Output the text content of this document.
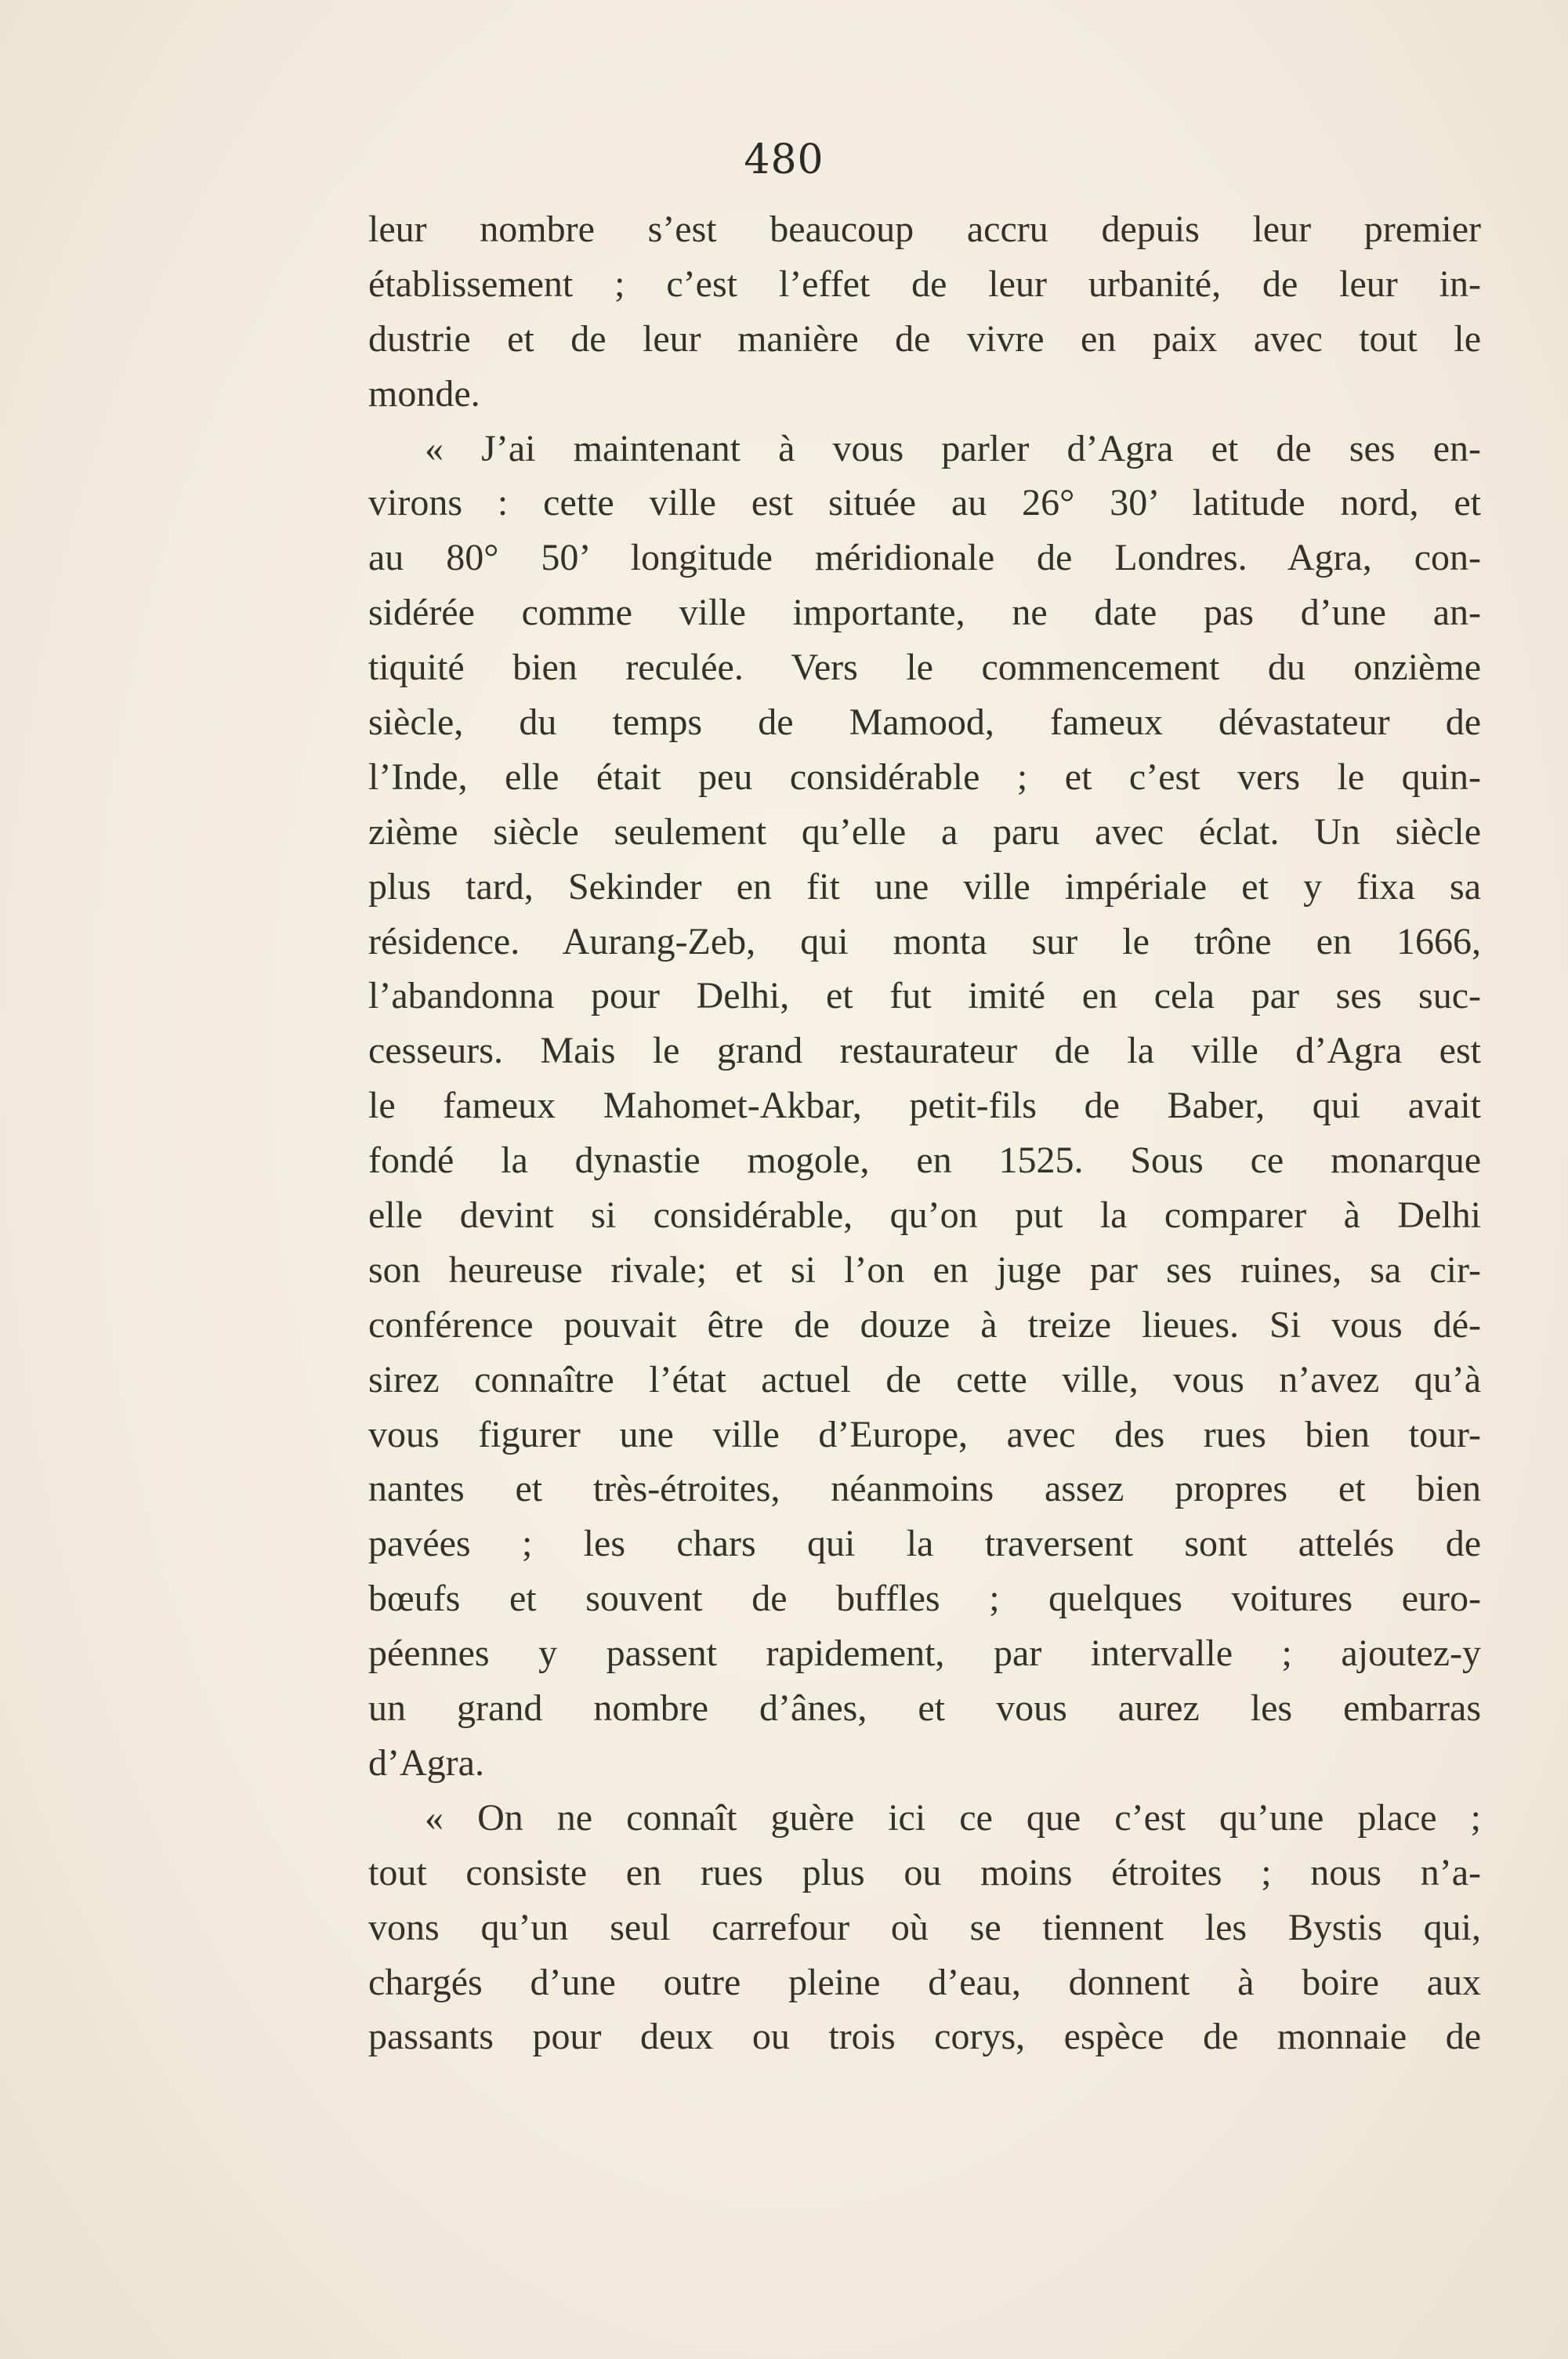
480
leur nombre s’est beaucoup accru depuis leur premier
établissement ; c’est l’effet de leur urbanité, de leur in-
dustrie et de leur manière de vivre en paix avec tout le
monde.
« J’ai maintenant à vous parler d’Agra et de ses en-
virons : cette ville est située au 26° 30’ latitude nord, et
au 80° 50’ longitude méridionale de Londres. Agra, con-
sidérée comme ville importante, ne date pas d’une an-
tiquité bien reculée. Vers le commencement du onzième
siècle, du temps de Mamood, fameux dévastateur de
l’Inde, elle était peu considérable ; et c’est vers le quin-
zième siècle seulement qu’elle a paru avec éclat. Un siècle
plus tard, Sekinder en fit une ville impériale et y fixa sa
résidence. Aurang-Zeb, qui monta sur le trône en 1666,
l’abandonna pour Delhi, et fut imité en cela par ses suc-
cesseurs. Mais le grand restaurateur de la ville d’Agra est
le fameux Mahomet-Akbar, petit-fils de Baber, qui avait
fondé la dynastie mogole, en 1525. Sous ce monarque
elle devint si considérable, qu’on put la comparer à Delhi
son heureuse rivale; et si l’on en juge par ses ruines, sa cir-
conférence pouvait être de douze à treize lieues. Si vous dé-
sirez connaître l’état actuel de cette ville, vous n’avez qu’à
vous figurer une ville d’Europe, avec des rues bien tour-
nantes et très-étroites, néanmoins assez propres et bien
pavées ; les chars qui la traversent sont attelés de
bœufs et souvent de buffles ; quelques voitures euro-
péennes y passent rapidement, par intervalle ; ajoutez-y
un grand nombre d’ânes, et vous aurez les embarras
d’Agra.
« On ne connaît guère ici ce que c’est qu’une place ;
tout consiste en rues plus ou moins étroites ; nous n’a-
vons qu’un seul carrefour où se tiennent les Bystis qui,
chargés d’une outre pleine d’eau, donnent à boire aux
passants pour deux ou trois corys, espèce de monnaie de
